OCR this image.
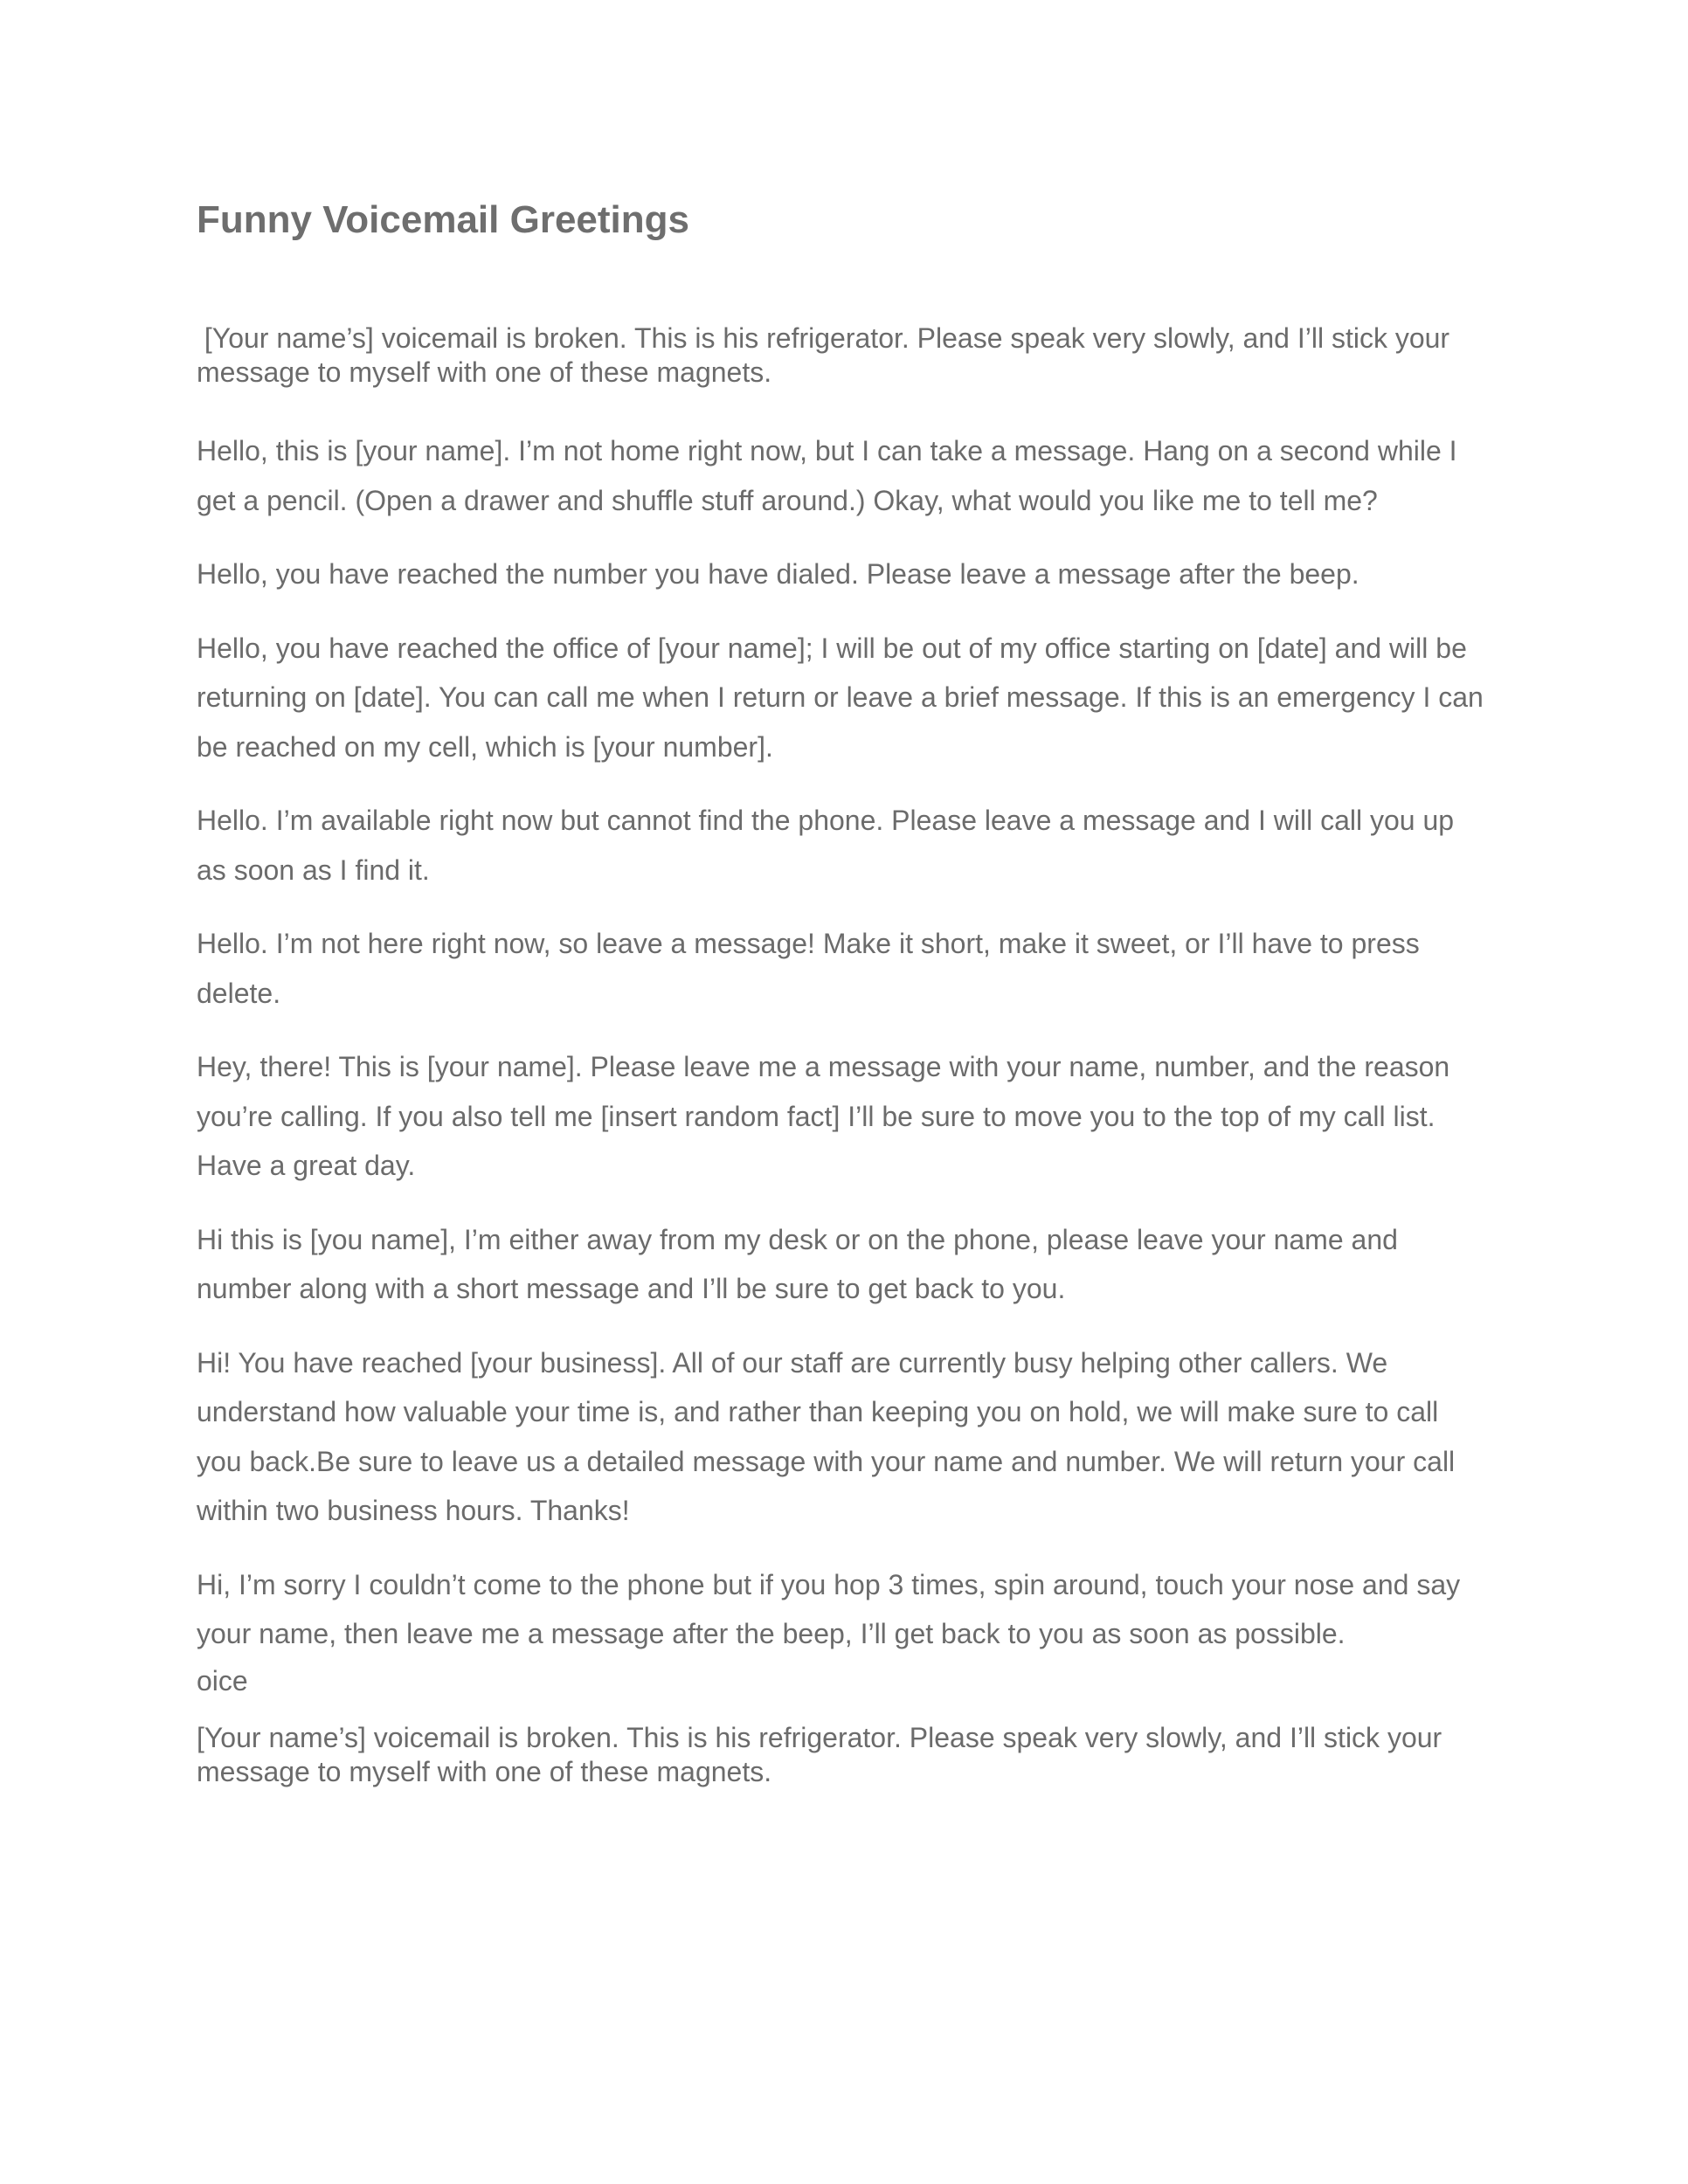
Funny Voicemail Greetings

[Your name’s] voicemail is broken. This is his refrigerator. Please speak very slowly, and I’ll stick your message to myself with one of these magnets.

Hello, this is [your name]. I’m not home right now, but I can take a message. Hang on a second while I get a pencil. (Open a drawer and shuffle stuff around.) Okay, what would you like me to tell me?

Hello, you have reached the number you have dialed. Please leave a message after the beep.

Hello, you have reached the office of [your name]; I will be out of my office starting on [date] and will be returning on [date]. You can call me when I return or leave a brief message. If this is an emergency I can be reached on my cell, which is [your number].

Hello. I’m available right now but cannot find the phone. Please leave a message and I will call you up as soon as I find it.

Hello. I’m not here right now, so leave a message! Make it short, make it sweet, or I’ll have to press delete.

Hey, there! This is [your name]. Please leave me a message with your name, number, and the reason you’re calling. If you also tell me [insert random fact] I’ll be sure to move you to the top of my call list. Have a great day.

Hi this is [you name], I’m either away from my desk or on the phone, please leave your name and number along with a short message and I’ll be sure to get back to you.

Hi! You have reached [your business]. All of our staff are currently busy helping other callers. We understand how valuable your time is, and rather than keeping you on hold, we will make sure to call you back.Be sure to leave us a detailed message with your name and number. We will return your call within two business hours. Thanks!

Hi, I’m sorry I couldn’t come to the phone but if you hop 3 times, spin around, touch your nose and say your name, then leave me a message after the beep, I’ll get back to you as soon as possible.

oice

[Your name’s] voicemail is broken. This is his refrigerator. Please speak very slowly, and I’ll stick your message to myself with one of these magnets.
